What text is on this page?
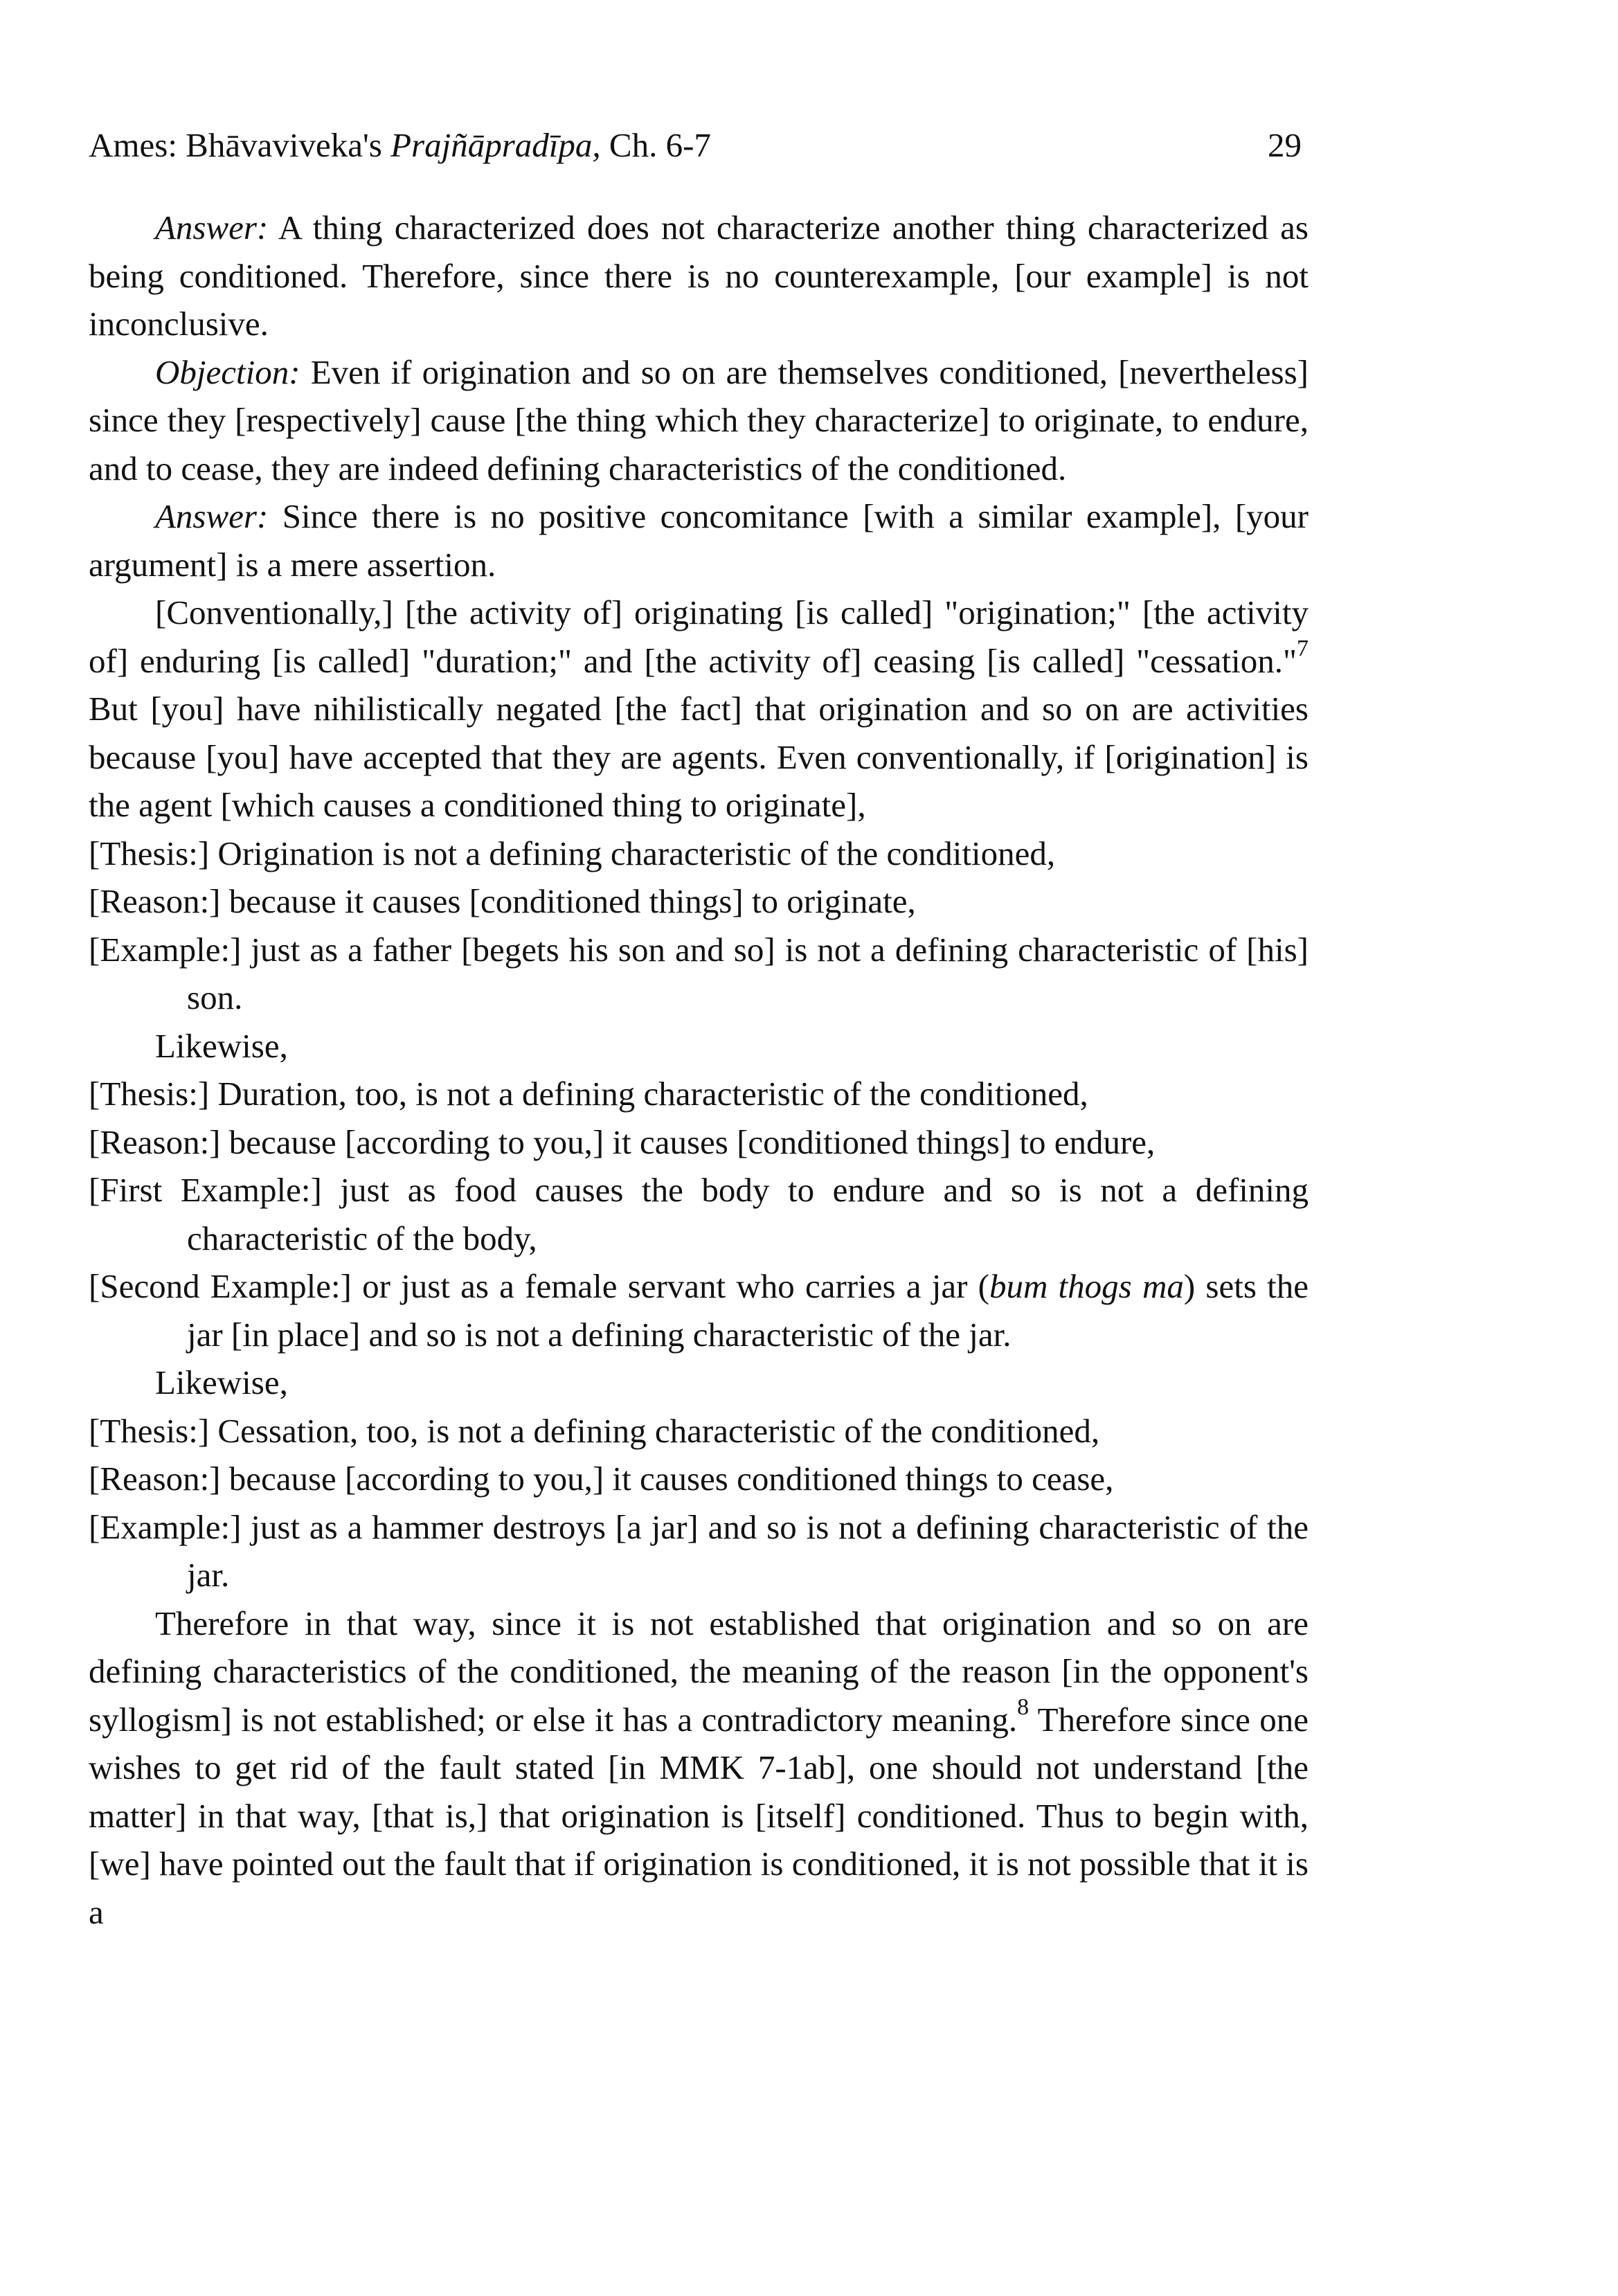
Ames: Bhāvaviveka's Prajñāpradīpa, Ch. 6-7	29

Answer: A thing characterized does not characterize another thing characterized as being conditioned. Therefore, since there is no counterexample, [our example] is not inconclusive.

Objection: Even if origination and so on are themselves conditioned, [nevertheless] since they [respectively] cause [the thing which they characterize] to originate, to endure, and to cease, they are indeed defining characteristics of the conditioned.

Answer: Since there is no positive concomitance [with a similar example], [your argument] is a mere assertion.

[Conventionally,] [the activity of] originating [is called] "origination;" [the activity of] enduring [is called] "duration;" and [the activity of] ceasing [is called] "cessation."$^7$ But [you] have nihilistically negated [the fact] that origination and so on are activities because [you] have accepted that they are agents. Even conventionally, if [origination] is the agent [which causes a conditioned thing to originate],

[Thesis:] Origination is not a defining characteristic of the conditioned,

[Reason:] because it causes [conditioned things] to originate,

[Example:] just as a father [begets his son and so] is not a defining characteristic of [his] son.

Likewise,

[Thesis:] Duration, too, is not a defining characteristic of the conditioned,

[Reason:] because [according to you,] it causes [conditioned things] to endure,

[First Example:] just as food causes the body to endure and so is not a defining characteristic of the body,

[Second Example:] or just as a female servant who carries a jar (bum thogs ma) sets the jar [in place] and so is not a defining characteristic of the jar.

Likewise,

[Thesis:] Cessation, too, is not a defining characteristic of the conditioned,

[Reason:] because [according to you,] it causes conditioned things to cease,

[Example:] just as a hammer destroys [a jar] and so is not a defining characteristic of the jar.

Therefore in that way, since it is not established that origination and so on are defining characteristics of the conditioned, the meaning of the reason [in the opponent's syllogism] is not established; or else it has a contradictory meaning.$^8$ Therefore since one wishes to get rid of the fault stated [in MMK 7-1ab], one should not understand [the matter] in that way, [that is,] that origination is [itself] conditioned. Thus to begin with, [we] have pointed out the fault that if origination is conditioned, it is not possible that it is a
